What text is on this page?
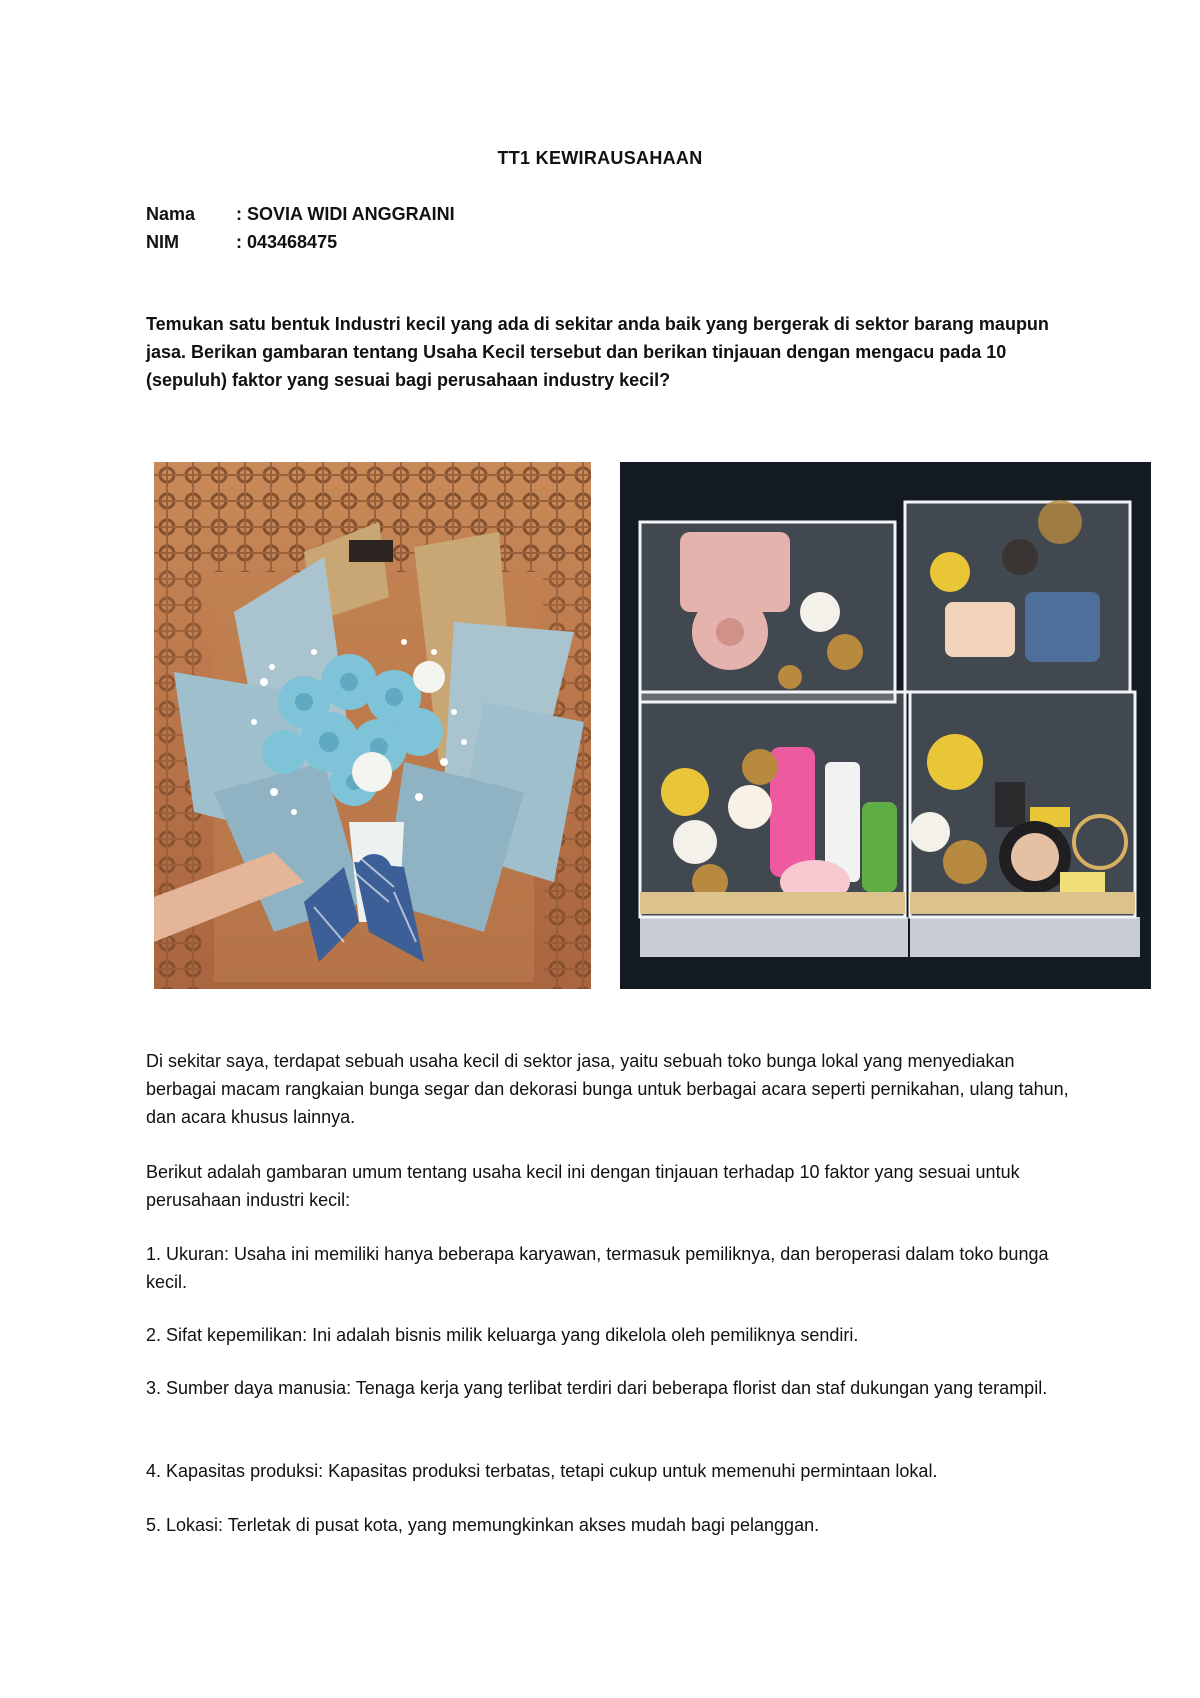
TT1 KEWIRAUSAHAAN
Nama : SOVIA WIDI ANGGRAINI
NIM	: 043468475

Temukan satu bentuk Industri kecil yang ada di sekitar anda baik yang bergerak di sektor barang maupun jasa. Berikan gambaran tentang Usaha Kecil tersebut dan berikan tinjauan dengan mengacu pada 10 (sepuluh) faktor yang sesuai bagi perusahaan industry kecil?

Di sekitar saya, terdapat sebuah usaha kecil di sektor jasa, yaitu sebuah toko bunga lokal yang menyediakan berbagai macam rangkaian bunga segar dan dekorasi bunga untuk berbagai acara seperti pernikahan, ulang tahun, dan acara khusus lainnya.

Berikut adalah gambaran umum tentang usaha kecil ini dengan tinjauan terhadap 10 faktor yang sesuai untuk perusahaan industri kecil:

1. Ukuran: Usaha ini memiliki hanya beberapa karyawan, termasuk pemiliknya, dan beroperasi dalam toko bunga kecil.

2. Sifat kepemilikan: Ini adalah bisnis milik keluarga yang dikelola oleh pemiliknya sendiri.

3. Sumber daya manusia: Tenaga kerja yang terlibat terdiri dari beberapa florist dan staf dukungan yang terampil.

4. Kapasitas produksi: Kapasitas produksi terbatas, tetapi cukup untuk memenuhi permintaan lokal.

5. Lokasi: Terletak di pusat kota, yang memungkinkan akses mudah bagi pelanggan.
